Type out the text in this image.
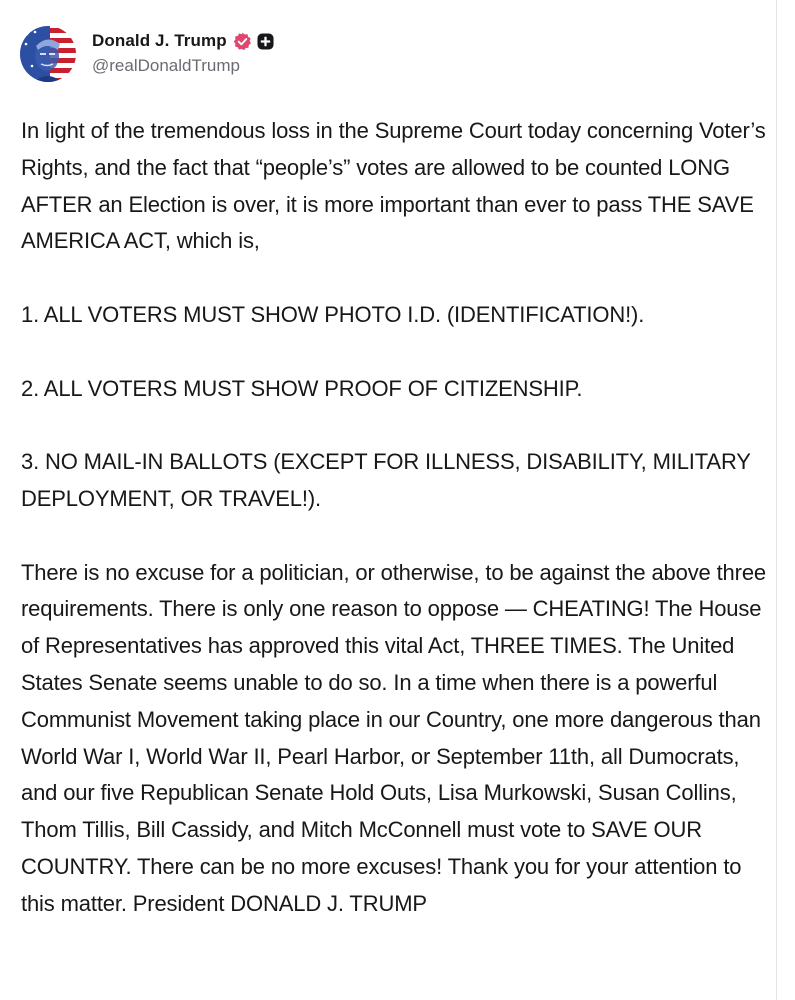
Donald J. Trump
@realDonaldTrump

In light of the tremendous loss in the Supreme Court today concerning Voter’s Rights, and the fact that “people’s” votes are allowed to be counted LONG AFTER an Election is over, it is more important than ever to pass THE SAVE AMERICA ACT, which is,

1. ALL VOTERS MUST SHOW PHOTO I.D. (IDENTIFICATION!).

2. ALL VOTERS MUST SHOW PROOF OF CITIZENSHIP.

3. NO MAIL-IN BALLOTS (EXCEPT FOR ILLNESS, DISABILITY, MILITARY DEPLOYMENT, OR TRAVEL!).

There is no excuse for a politician, or otherwise, to be against the above three requirements. There is only one reason to oppose — CHEATING! The House of Representatives has approved this vital Act, THREE TIMES. The United States Senate seems unable to do so. In a time when there is a powerful Communist Movement taking place in our Country, one more dangerous than World War I, World War II, Pearl Harbor, or September 11th, all Dumocrats, and our five Republican Senate Hold Outs, Lisa Murkowski, Susan Collins, Thom Tillis, Bill Cassidy, and Mitch McConnell must vote to SAVE OUR COUNTRY. There can be no more excuses! Thank you for your attention to this matter. President DONALD J. TRUMP
